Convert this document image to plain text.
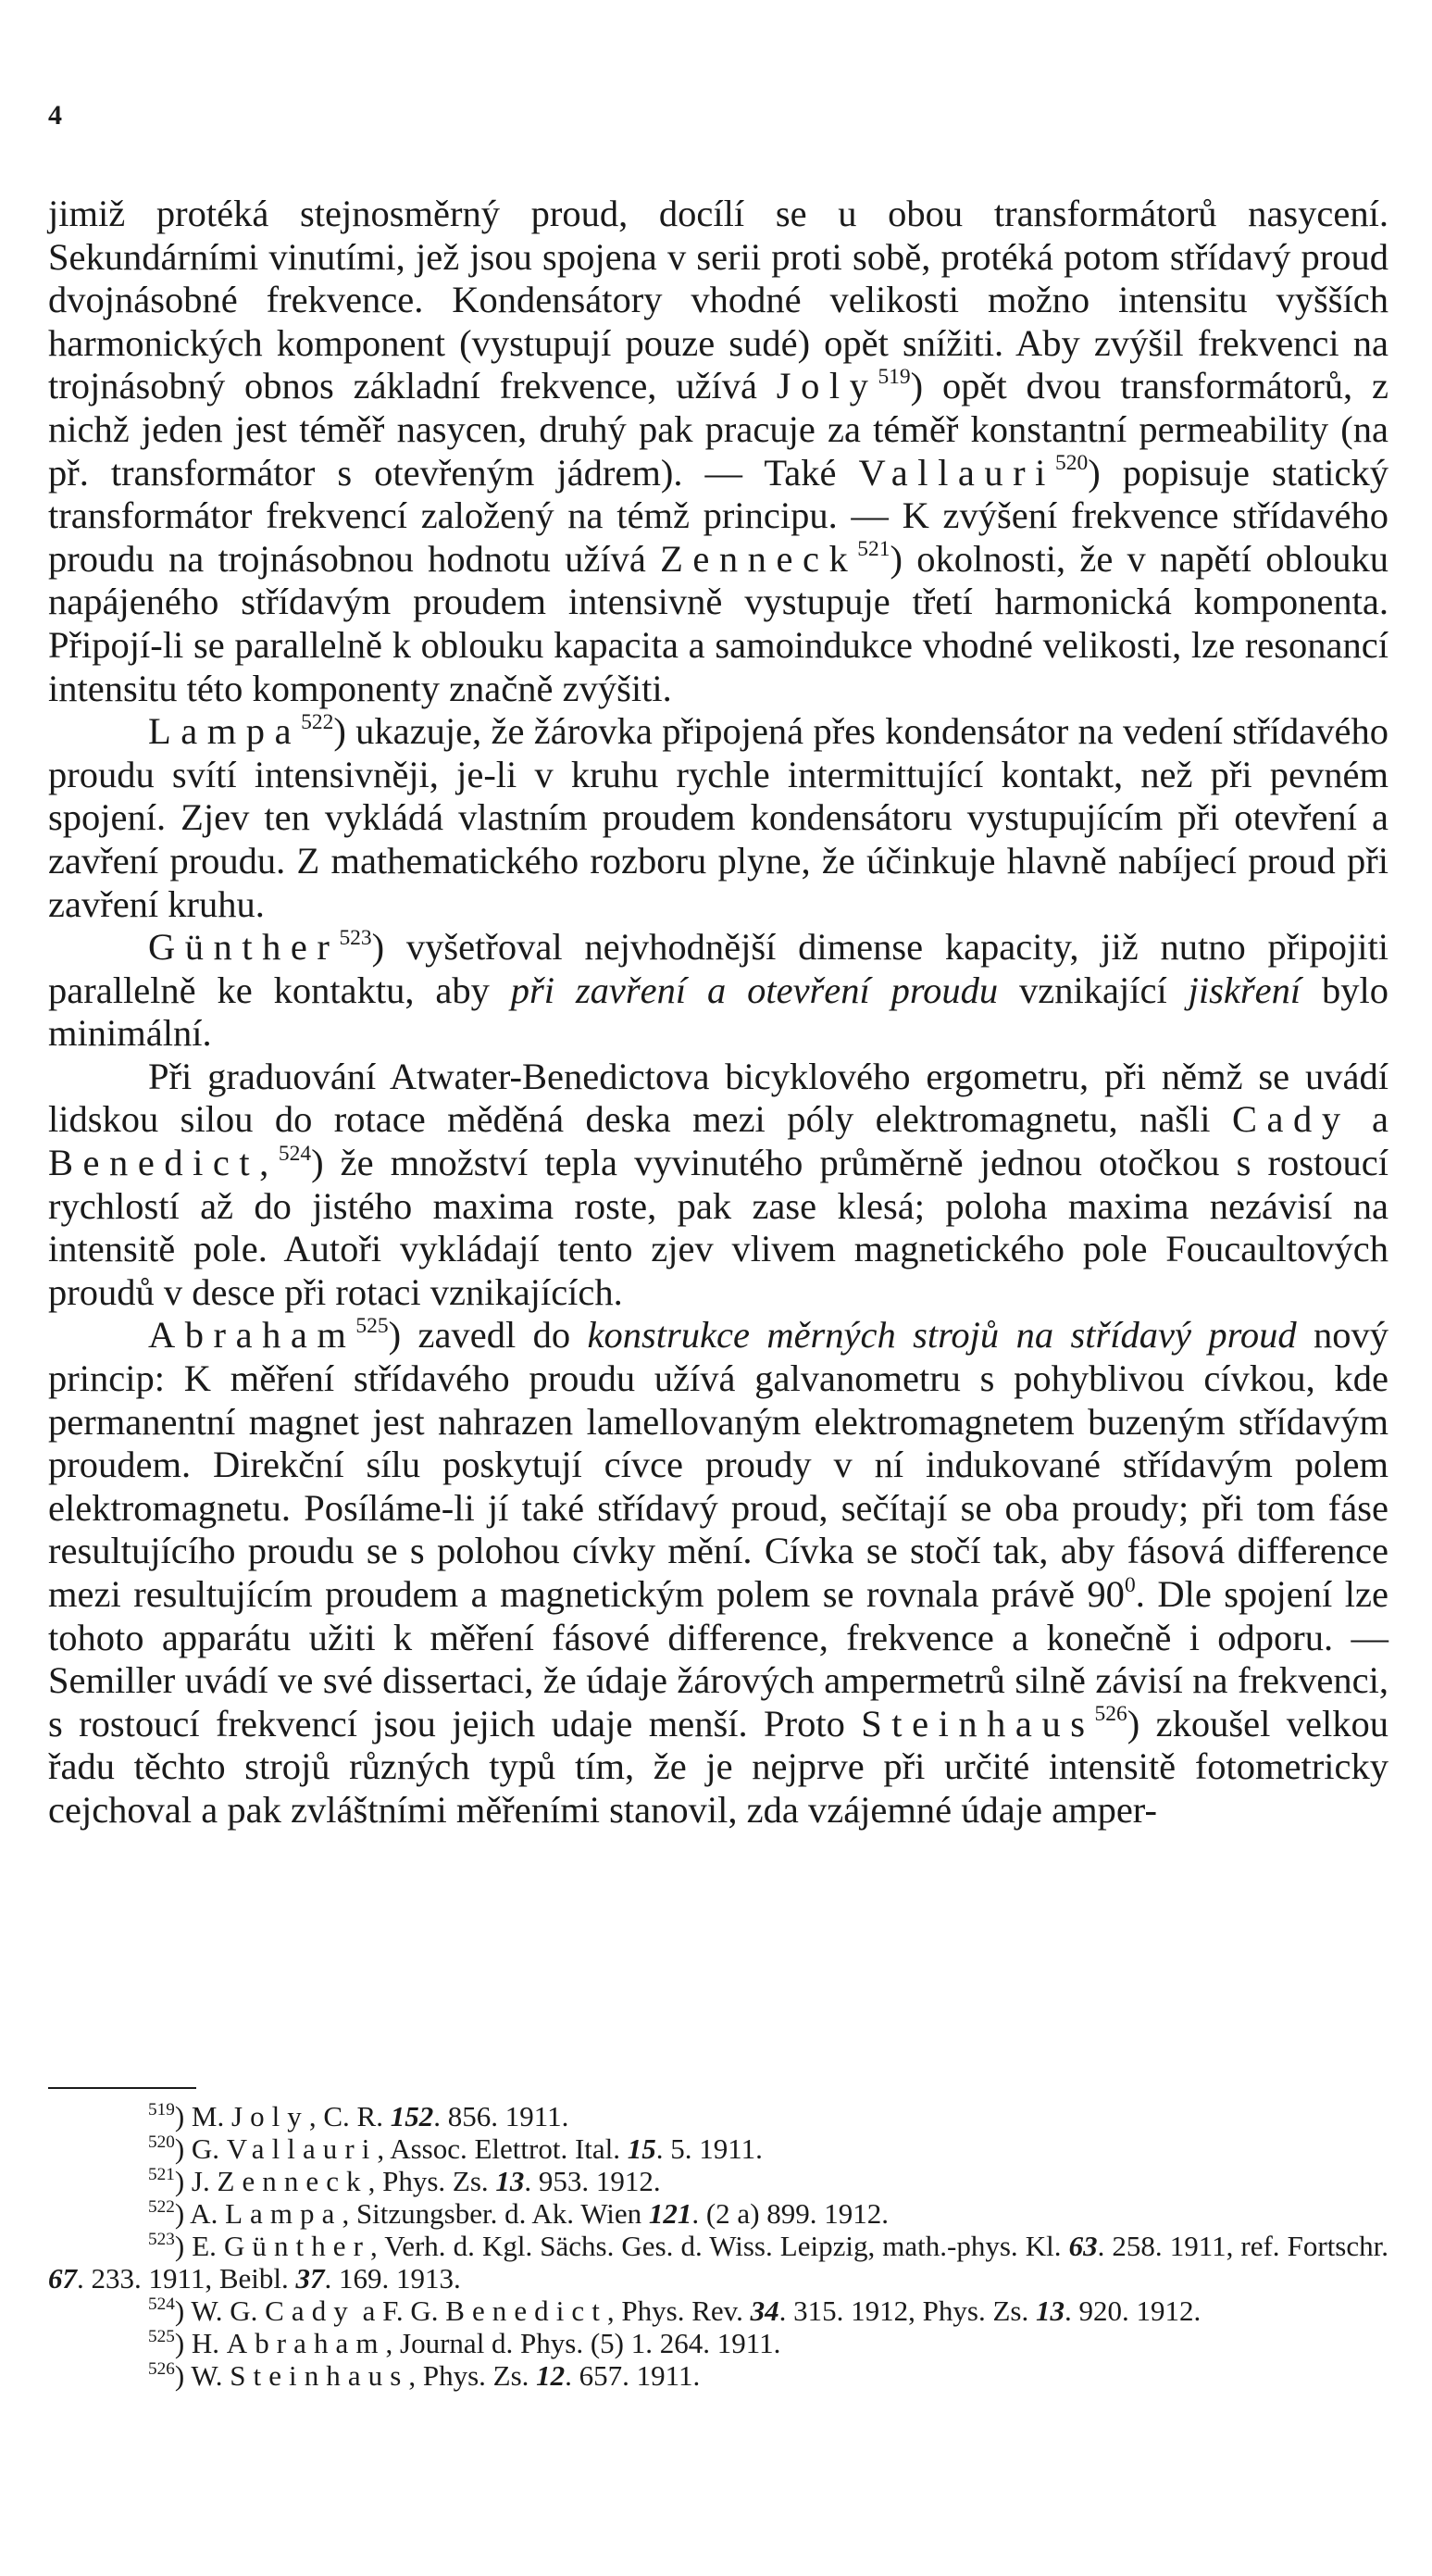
4

jimiž protéká stejnosměrný proud, docílí se u obou transformátorů nasycení. Sekundárními vinutími, jež jsou spojena v serii proti sobě, protéká potom střídavý proud dvojnásobné frekvence. Kondensátory vhodné velikosti možno intensitu vyšších harmonických komponent (vystupují pouze sudé) opět snížiti. Aby zvýšil frekvenci na trojnásobný obnos základní frekvence, užívá Joly$^{519}$) opět dvou transformátorů, z nichž jeden jest téměř nasycen, druhý pak pracuje za téměř konstantní permeability (na př. transformátor s otevřeným jádrem). — Také Vallauri$^{520}$) popisuje statický transformátor frekvencí založený na témž principu. — K zvýšení frekvence střídavého proudu na trojnásobnou hodnotu užívá Zenneck$^{521}$) okolnosti, že v napětí oblouku napájeného střídavým proudem intensivně vystupuje třetí harmonická komponenta. Připojí-li se parallelně k oblouku kapacita a samoindukce vhodné velikosti, lze resonancí intensitu této komponenty značně zvýšiti.

Lampa$^{522}$) ukazuje, že žárovka připojená přes kondensátor na vedení střídavého proudu svítí intensivněji, je-li v kruhu rychle intermittující kontakt, než při pevném spojení. Zjev ten vykládá vlastním proudem kondensátoru vystupujícím při otevření a zavření proudu. Z mathematického rozboru plyne, že účinkuje hlavně nabíjecí proud při zavření kruhu.

Günther$^{523}$) vyšetřoval nejvhodnější dimense kapacity, již nutno připojiti parallelně ke kontaktu, aby při zavření a otevření proudu vznikající jiskření bylo minimální.

Při graduování Atwater-Benedictova bicyklového ergometru, při němž se uvádí lidskou silou do rotace měděná deska mezi póly elektromagnetu, našli Cady a Benedict,$^{524}$) že množství tepla vyvinutého průměrně jednou otočkou s rostoucí rychlostí až do jistého maxima roste, pak zase klesá; poloha maxima nezávisí na intensitě pole. Autoři vykládají tento zjev vlivem magnetického pole Foucaultových proudů v desce při rotaci vznikajících.

Abraham$^{525}$) zavedl do konstrukce měrných strojů na střídavý proud nový princip: K měření střídavého proudu užívá galvanometru s pohyblivou cívkou, kde permanentní magnet jest nahrazen lamellovaným elektromagnetem buzeným střídavým proudem. Direkční sílu poskytují cívce proudy v ní indukované střídavým polem elektromagnetu. Posíláme-li jí také střídavý proud, sečítají se oba proudy; při tom fáse resultujícího proudu se s polohou cívky mění. Cívka se stočí tak, aby fásová difference mezi resultujícím proudem a magnetickým polem se rovnala právě $90^0$. Dle spojení lze tohoto apparátu užiti k měření fásové difference, frekvence a konečně i odporu. — Semiller uvádí ve své dissertaci, že údaje žárových ampermetrů silně závisí na frekvenci, s rostoucí frekvencí jsou jejich udaje menší. Proto Steinhaus$^{526}$) zkoušel velkou řadu těchto strojů různých typů tím, že je nejprve při určité intensitě fotometricky cejchoval a pak zvláštními měřeními stanovil, zda vzájemné údaje amper-

$^{519}$) M. Joly, C. R. 152. 856. 1911.

$^{520}$) G. Vallauri, Assoc. Elettrot. Ital. 15. 5. 1911.

$^{521}$) J. Zenneck, Phys. Zs. 13. 953. 1912.

$^{522}$) A. Lampa, Sitzungsber. d. Ak. Wien 121. (2 a) 899. 1912.

$^{523}$) E. Günther, Verh. d. Kgl. Sächs. Ges. d. Wiss. Leipzig, math.-phys. Kl. 63. 258. 1911, ref. Fortschr. 67. 233. 1911, Beibl. 37. 169. 1913.

$^{524}$) W. G. Cady a F. G. Benedict, Phys. Rev. 34. 315. 1912, Phys. Zs. 13. 920. 1912.

$^{525}$) H. Abraham, Journal d. Phys. (5) 1. 264. 1911.

$^{526}$) W. Steinhaus, Phys. Zs. 12. 657. 1911.
